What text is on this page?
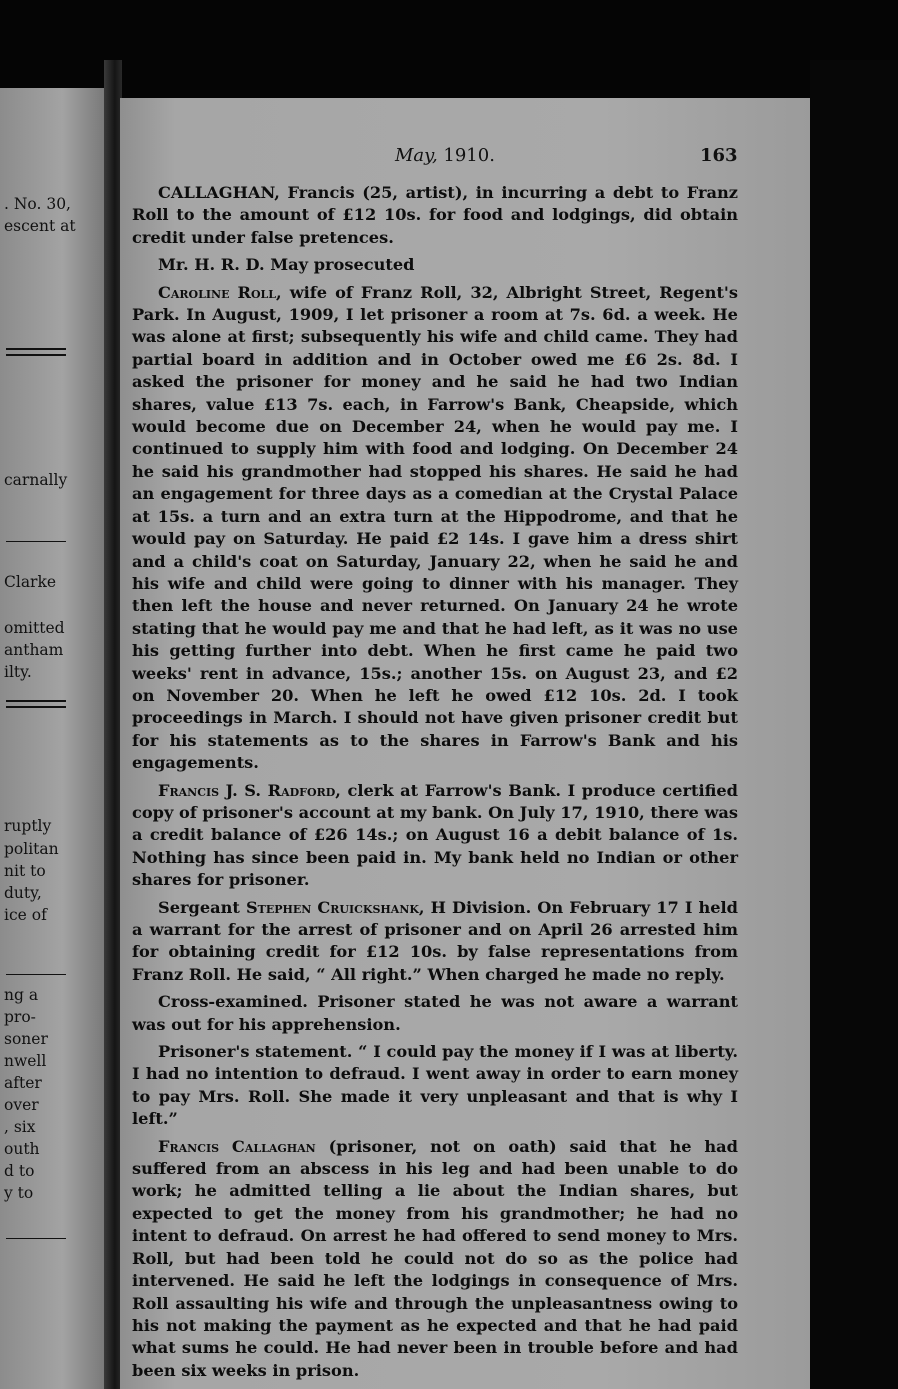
. No. 30,
escent at
carnally
Clarke
omitted
antham
ilty.
ruptly
politan
nit to
duty,
ice of
ng a
pro-
soner
nwell
after
over
, six
outh
d to
y to
May, 1910.	163

CALLAGHAN, Francis (25, artist), in incurring a debt to Franz Roll to the amount of £12 10s. for food and lodgings, did obtain credit under false pretences.

Mr. H. R. D. May prosecuted

Caroline Roll, wife of Franz Roll, 32, Albright Street, Regent's Park. In August, 1909, I let prisoner a room at 7s. 6d. a week. He was alone at first; subsequently his wife and child came. They had partial board in addition and in October owed me £6 2s. 8d. I asked the prisoner for money and he said he had two Indian shares, value £13 7s. each, in Farrow's Bank, Cheapside, which would become due on December 24, when he would pay me. I continued to supply him with food and lodging. On December 24 he said his grandmother had stopped his shares. He said he had an engagement for three days as a comedian at the Crystal Palace at 15s. a turn and an extra turn at the Hippodrome, and that he would pay on Saturday. He paid £2 14s. I gave him a dress shirt and a child's coat on Saturday, January 22, when he said he and his wife and child were going to dinner with his manager. They then left the house and never returned. On January 24 he wrote stating that he would pay me and that he had left, as it was no use his getting further into debt. When he first came he paid two weeks' rent in advance, 15s.; another 15s. on August 23, and £2 on November 20. When he left he owed £12 10s. 2d. I took proceedings in March. I should not have given prisoner credit but for his statements as to the shares in Farrow's Bank and his engagements.

Francis J. S. Radford, clerk at Farrow's Bank. I produce certified copy of prisoner's account at my bank. On July 17, 1910, there was a credit balance of £26 14s.; on August 16 a debit balance of 1s. Nothing has since been paid in. My bank held no Indian or other shares for prisoner.

Sergeant Stephen Cruickshank, H Division. On February 17 I held a warrant for the arrest of prisoner and on April 26 arrested him for obtaining credit for £12 10s. by false representations from Franz Roll. He said, “ All right.” When charged he made no reply.

Cross-examined. Prisoner stated he was not aware a warrant was out for his apprehension.

Prisoner's statement. “ I could pay the money if I was at liberty. I had no intention to defraud. I went away in order to earn money to pay Mrs. Roll. She made it very unpleasant and that is why I left.”

Francis Callaghan (prisoner, not on oath) said that he had suffered from an abscess in his leg and had been unable to do work; he admitted telling a lie about the Indian shares, but expected to get the money from his grandmother; he had no intent to defraud. On arrest he had offered to send money to Mrs. Roll, but had been told he could not do so as the police had intervened. He said he left the lodgings in consequence of Mrs. Roll assaulting his wife and through the unpleasantness owing to his not making the payment as he expected and that he had paid what sums he could. He had never been in trouble before and had been six weeks in prison.
